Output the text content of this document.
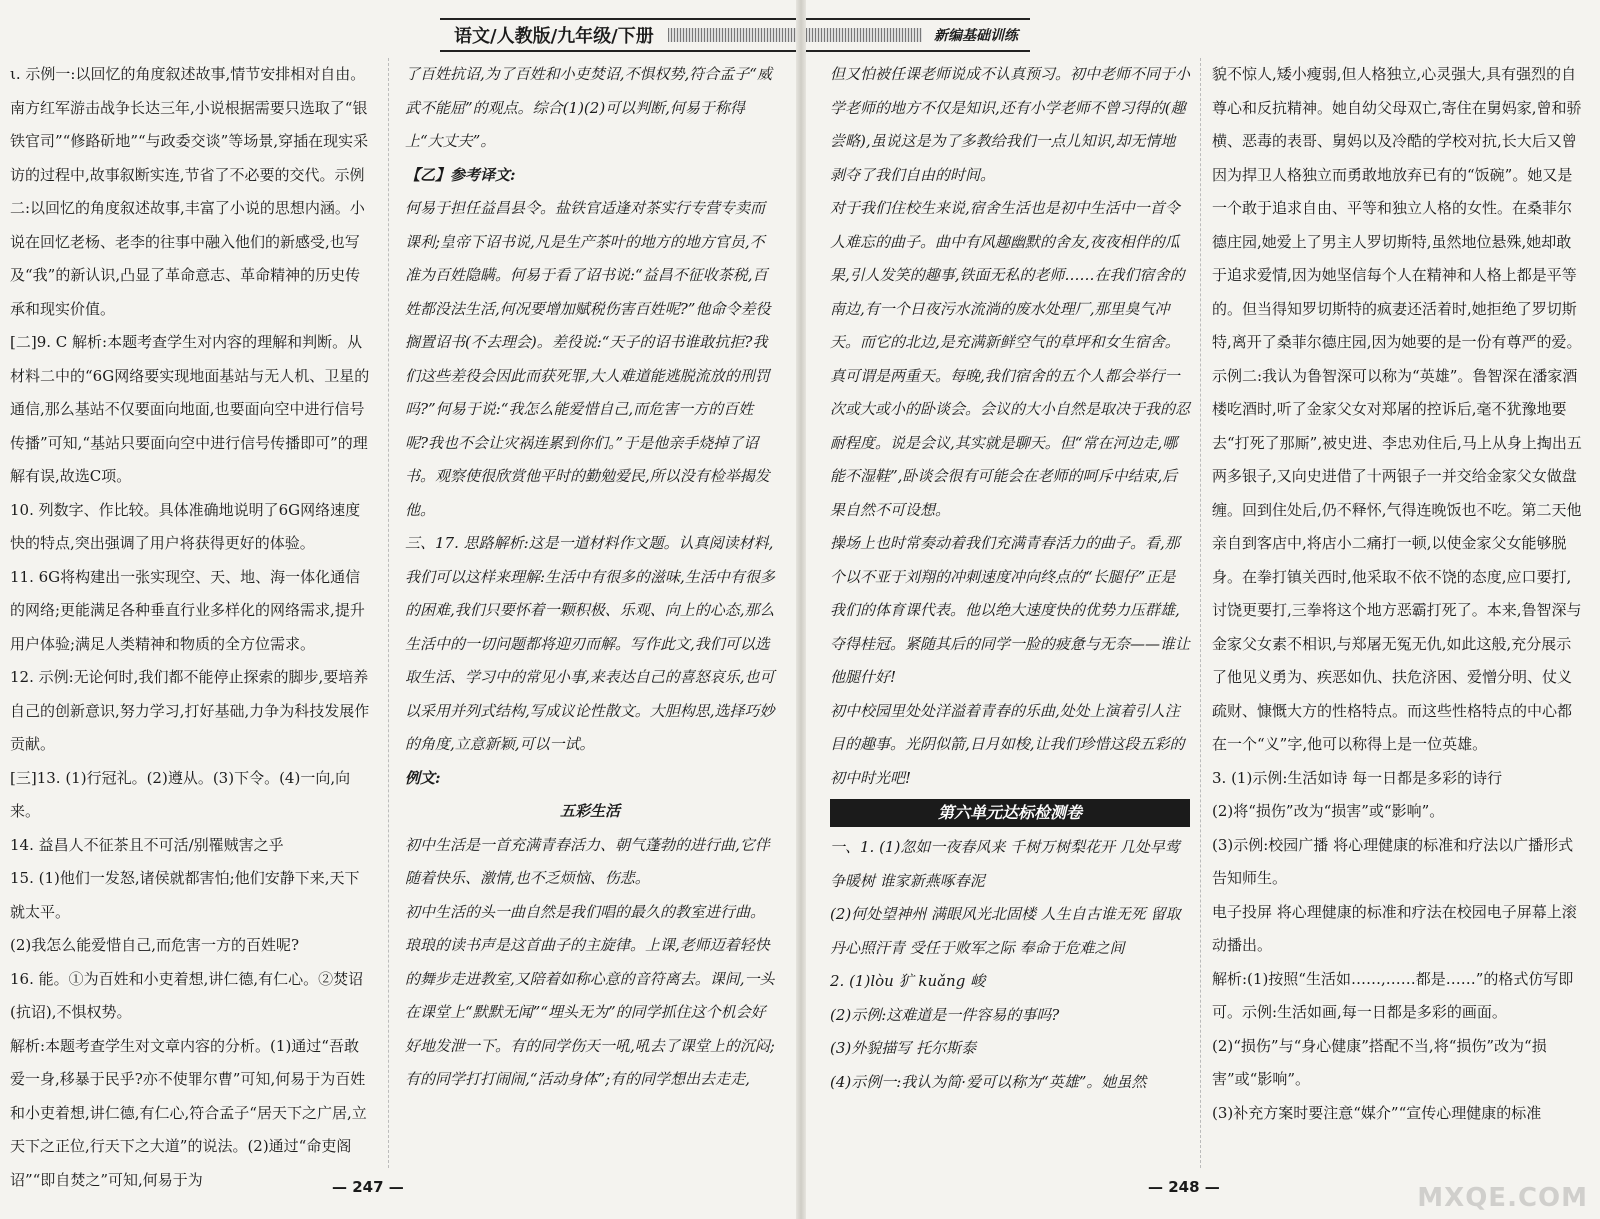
语文/人教版/九年级/下册	新编基础训练

ι. 示例一:以回忆的角度叙述故事,情节安排相对自由。南方红军游击战争长达三年,小说根据需要只选取了“银铁官司”“修路斫地”“与政委交谈”等场景,穿插在现实采访的过程中,故事叙断实连,节省了不必要的交代。示例二:以回忆的角度叙述故事,丰富了小说的思想内涵。小说在回忆老杨、老李的往事中融入他们的新感受,也写及“我”的新认识,凸显了革命意志、革命精神的历史传承和现实价值。

[二]9. C 解析:本题考查学生对内容的理解和判断。从材料二中的“6G网络要实现地面基站与无人机、卫星的通信,那么基站不仅要面向地面,也要面向空中进行信号传播”可知,“基站只要面向空中进行信号传播即可”的理解有误,故选C项。

10. 列数字、作比较。具体准确地说明了6G网络速度快的特点,突出强调了用户将获得更好的体验。

11. 6G将构建出一张实现空、天、地、海一体化通信的网络;更能满足各种垂直行业多样化的网络需求,提升用户体验;满足人类精神和物质的全方位需求。

12. 示例:无论何时,我们都不能停止探索的脚步,要培养自己的创新意识,努力学习,打好基础,力争为科技发展作贡献。

[三]13. (1)行冠礼。(2)遵从。(3)下令。(4)一向,向来。

14. 益昌人不征茶且不可活/别罹贼害之乎

15. (1)他们一发怒,诸侯就都害怕;他们安静下来,天下就太平。

(2)我怎么能爱惜自己,而危害一方的百姓呢?

16. 能。①为百姓和小吏着想,讲仁德,有仁心。②焚诏(抗诏),不惧权势。

解析:本题考查学生对文章内容的分析。(1)通过“吾敢爱一身,移暴于民乎?亦不使罪尔曹”可知,何易于为百姓和小吏着想,讲仁德,有仁心,符合孟子“居天下之广居,立天下之正位,行天下之大道”的说法。(2)通过“命吏阁诏”“即自焚之”可知,何易于为

了百姓抗诏,为了百姓和小吏焚诏,不惧权势,符合孟子“威武不能屈”的观点。综合(1)(2)可以判断,何易于称得上“大丈夫”。

【乙】参考译文:

何易于担任益昌县令。盐铁官适逢对茶实行专营专卖而课利;皇帝下诏书说,凡是生产茶叶的地方的地方官员,不准为百姓隐瞒。何易于看了诏书说:“益昌不征收茶税,百姓都没法生活,何况要增加赋税伤害百姓呢?”他命令差役搁置诏书(不去理会)。差役说:“天子的诏书谁敢抗拒?我们这些差役会因此而获死罪,大人难道能逃脱流放的刑罚吗?”何易于说:“我怎么能爱惜自己,而危害一方的百姓呢?我也不会让灾祸连累到你们。”于是他亲手烧掉了诏书。观察使很欣赏他平时的勤勉爱民,所以没有检举揭发他。

三、17. 思路解析:这是一道材料作文题。认真阅读材料,我们可以这样来理解:生活中有很多的滋味,生活中有很多的困难,我们只要怀着一颗积极、乐观、向上的心态,那么生活中的一切问题都将迎刃而解。写作此文,我们可以选取生活、学习中的常见小事,来表达自己的喜怒哀乐,也可以采用并列式结构,写成议论性散文。大胆构思,选择巧妙的角度,立意新颖,可以一试。

例文:

五彩生活

初中生活是一首充满青春活力、朝气蓬勃的进行曲,它伴随着快乐、激情,也不乏烦恼、伤悲。

初中生活的头一曲自然是我们唱的最久的教室进行曲。琅琅的读书声是这首曲子的主旋律。上课,老师迈着轻快的舞步走进教室,又陪着如称心意的音符离去。课间,一头在课堂上“默默无闻”“埋头无为”的同学抓住这个机会好好地发泄一下。有的同学伤天一吼,吼去了课堂上的沉闷;有的同学打打闹闹,“活动身体”;有的同学想出去走走,

但又怕被任课老师说成不认真预习。初中老师不同于小学老师的地方不仅是知识,还有小学老师不曾习得的(趣尝略),虽说这是为了多教给我们一点儿知识,却无情地剥夺了我们自由的时间。

对于我们住校生来说,宿舍生活也是初中生活中一首令人难忘的曲子。曲中有风趣幽默的舍友,夜夜相伴的瓜果,引人发笑的趣事,铁面无私的老师……在我们宿舍的南边,有一个日夜污水流淌的废水处理厂,那里臭气冲天。而它的北边,是充满新鲜空气的草坪和女生宿舍。真可谓是两重天。每晚,我们宿舍的五个人都会举行一次或大或小的卧谈会。会议的大小自然是取决于我的忍耐程度。说是会议,其实就是聊天。但“常在河边走,哪能不湿鞋”,卧谈会很有可能会在老师的呵斥中结束,后果自然不可设想。

操场上也时常奏动着我们充满青春活力的曲子。看,那个以不亚于刘翔的冲刺速度冲向终点的“长腿仔”正是我们的体育课代表。他以绝大速度快的优势力压群雄,夺得桂冠。紧随其后的同学一脸的疲惫与无奈——谁让他腿什好!

初中校园里处处洋溢着青春的乐曲,处处上演着引人注目的趣事。光阴似箭,日月如梭,让我们珍惜这段五彩的初中时光吧!

第六单元达标检测卷

一、1. (1)忽如一夜春风来 千树万树梨花开 几处早莺争暖树 谁家新燕啄春泥

(2)何处望神州 满眼风光北固楼 人生自古谁无死 留取丹心照汗青 受任于败军之际 奉命于危难之间

2. (1)lòu 犷 kuǎng 峻

(2)示例:这难道是一件容易的事吗?

(3)外貌描写 托尔斯泰

(4)示例一:我认为简·爱可以称为“英雄”。她虽然

貌不惊人,矮小瘦弱,但人格独立,心灵强大,具有强烈的自尊心和反抗精神。她自幼父母双亡,寄住在舅妈家,曾和骄横、恶毒的表哥、舅妈以及冷酷的学校对抗,长大后又曾因为捍卫人格独立而勇敢地放弃已有的“饭碗”。她又是一个敢于追求自由、平等和独立人格的女性。在桑菲尔德庄园,她爱上了男主人罗切斯特,虽然地位悬殊,她却敢于追求爱情,因为她坚信每个人在精神和人格上都是平等的。但当得知罗切斯特的疯妻还活着时,她拒绝了罗切斯特,离开了桑菲尔德庄园,因为她要的是一份有尊严的爱。

示例二:我认为鲁智深可以称为“英雄”。鲁智深在潘家酒楼吃酒时,听了金家父女对郑屠的控诉后,毫不犹豫地要去“打死了那厮”,被史进、李忠劝住后,马上从身上掏出五两多银子,又向史进借了十两银子一并交给金家父女做盘缠。回到住处后,仍不释怀,气得连晚饭也不吃。第二天他亲自到客店中,将店小二痛打一顿,以使金家父女能够脱身。在拳打镇关西时,他采取不依不饶的态度,应口要打,讨饶更要打,三拳将这个地方恶霸打死了。本来,鲁智深与金家父女素不相识,与郑屠无冤无仇,如此这般,充分展示了他见义勇为、疾恶如仇、扶危济困、爱憎分明、仗义疏财、慷慨大方的性格特点。而这些性格特点的中心都在一个“义”字,他可以称得上是一位英雄。

3. (1)示例:生活如诗 每一日都是多彩的诗行

(2)将“损伤”改为“损害”或“影响”。

(3)示例:校园广播 将心理健康的标准和疗法以广播形式告知师生。

电子投屏 将心理健康的标准和疗法在校园电子屏幕上滚动播出。

解析:(1)按照“生活如……,……都是……”的格式仿写即可。示例:生活如画,每一日都是多彩的画面。

(2)“损伤”与“身心健康”搭配不当,将“损伤”改为“损害”或“影响”。

(3)补充方案时要注意“媒介”“宣传心理健康的标准

— 247 —	— 248 —	MXQE.COM
